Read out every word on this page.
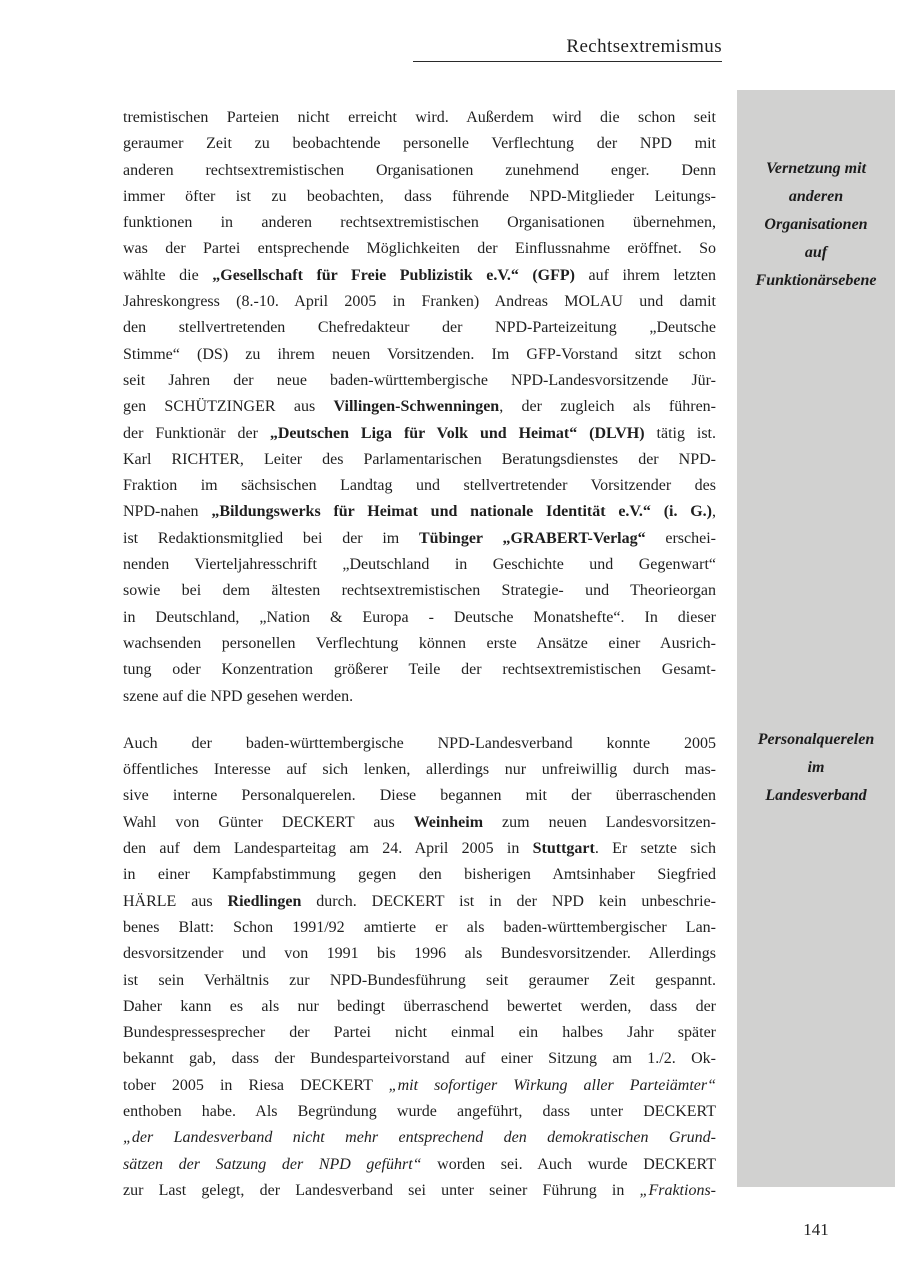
Rechtsextremismus
Vernetzung mit
anderen
Organisationen
auf
Funktionärsebene
Personalquerelen
im
Landesverband
tremistischen Parteien nicht erreicht wird. Außerdem wird die schon seit
geraumer Zeit zu beobachtende personelle Verflechtung der NPD mit
anderen rechtsextremistischen Organisationen zunehmend enger. Denn
immer öfter ist zu beobachten, dass führende NPD-Mitglieder Leitungs-
funktionen in anderen rechtsextremistischen Organisationen übernehmen,
was der Partei entsprechende Möglichkeiten der Einflussnahme eröffnet. So
wählte die „Gesellschaft für Freie Publizistik e.V.“ (GFP) auf ihrem letzten
Jahreskongress (8.-10. April 2005 in Franken) Andreas MOLAU und damit
den stellvertretenden Chefredakteur der NPD-Parteizeitung „Deutsche
Stimme“ (DS) zu ihrem neuen Vorsitzenden. Im GFP-Vorstand sitzt schon
seit Jahren der neue baden-württembergische NPD-Landesvorsitzende Jür-
gen SCHÜTZINGER aus Villingen-Schwenningen, der zugleich als führen-
der Funktionär der „Deutschen Liga für Volk und Heimat“ (DLVH) tätig ist.
Karl RICHTER, Leiter des Parlamentarischen Beratungsdienstes der NPD-
Fraktion im sächsischen Landtag und stellvertretender Vorsitzender des
NPD-nahen „Bildungswerks für Heimat und nationale Identität e.V.“ (i. G.),
ist Redaktionsmitglied bei der im Tübinger „GRABERT-Verlag“ erschei-
nenden Vierteljahresschrift „Deutschland in Geschichte und Gegenwart“
sowie bei dem ältesten rechtsextremistischen Strategie- und Theorieorgan
in Deutschland, „Nation & Europa - Deutsche Monatshefte“. In dieser
wachsenden personellen Verflechtung können erste Ansätze einer Ausrich-
tung oder Konzentration größerer Teile der rechtsextremistischen Gesamt-
szene auf die NPD gesehen werden.
Auch der baden-württembergische NPD-Landesverband konnte 2005
öffentliches Interesse auf sich lenken, allerdings nur unfreiwillig durch mas-
sive interne Personalquerelen. Diese begannen mit der überraschenden
Wahl von Günter DECKERT aus Weinheim zum neuen Landesvorsitzen-
den auf dem Landesparteitag am 24. April 2005 in Stuttgart. Er setzte sich
in einer Kampfabstimmung gegen den bisherigen Amtsinhaber Siegfried
HÄRLE aus Riedlingen durch. DECKERT ist in der NPD kein unbeschrie-
benes Blatt: Schon 1991/92 amtierte er als baden-württembergischer Lan-
desvorsitzender und von 1991 bis 1996 als Bundesvorsitzender. Allerdings
ist sein Verhältnis zur NPD-Bundesführung seit geraumer Zeit gespannt.
Daher kann es als nur bedingt überraschend bewertet werden, dass der
Bundespressesprecher der Partei nicht einmal ein halbes Jahr später
bekannt gab, dass der Bundesparteivorstand auf einer Sitzung am 1./2. Ok-
tober 2005 in Riesa DECKERT „mit sofortiger Wirkung aller Parteiämter“
enthoben habe. Als Begründung wurde angeführt, dass unter DECKERT
„der Landesverband nicht mehr entsprechend den demokratischen Grund-
sätzen der Satzung der NPD geführt“ worden sei. Auch wurde DECKERT
zur Last gelegt, der Landesverband sei unter seiner Führung in „Fraktions-
141
